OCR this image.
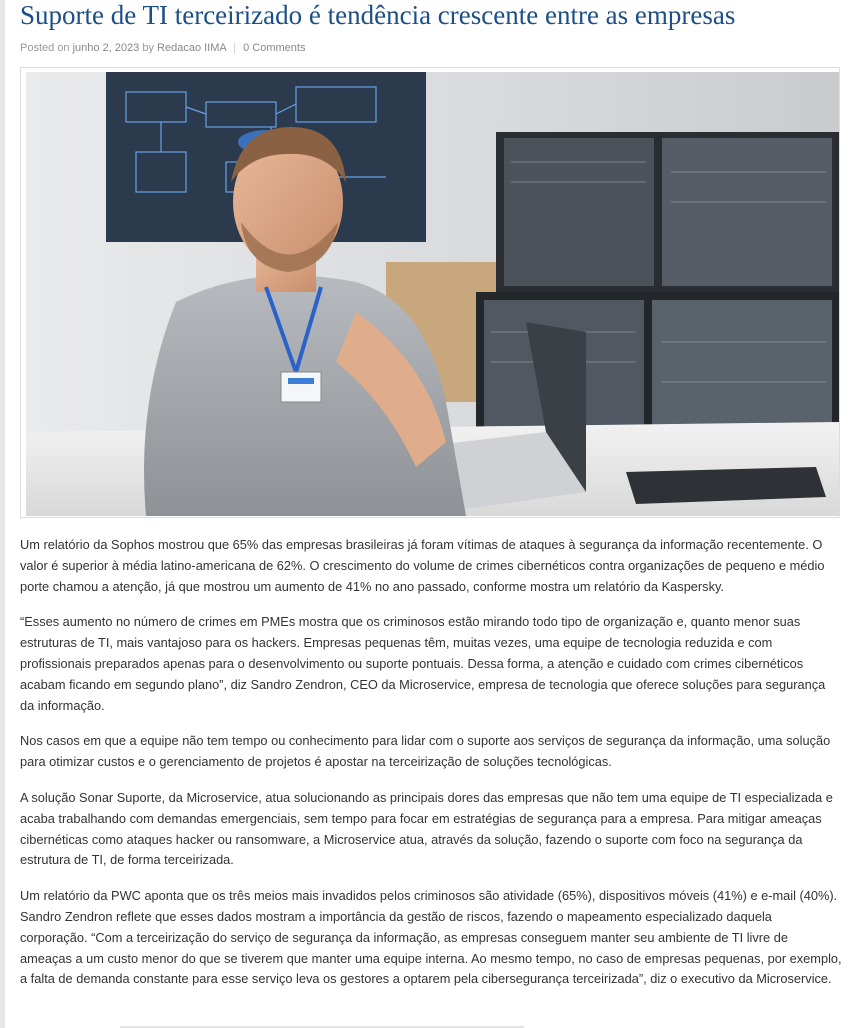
Suporte de TI terceirizado é tendência crescente entre as empresas
Posted on junho 2, 2023 by Redacao IIMA | 0 Comments

Um relatório da Sophos mostrou que 65% das empresas brasileiras já foram vítimas de ataques à segurança da informação recentemente. O valor é superior à média latino-americana de 62%. O crescimento do volume de crimes cibernéticos contra organizações de pequeno e médio porte chamou a atenção, já que mostrou um aumento de 41% no ano passado, conforme mostra um relatório da Kaspersky.

“Esses aumento no número de crimes em PMEs mostra que os criminosos estão mirando todo tipo de organização e, quanto menor suas estruturas de TI, mais vantajoso para os hackers. Empresas pequenas têm, muitas vezes, uma equipe de tecnologia reduzida e com profissionais preparados apenas para o desenvolvimento ou suporte pontuais. Dessa forma, a atenção e cuidado com crimes cibernéticos acabam ficando em segundo plano”, diz Sandro Zendron, CEO da Microservice, empresa de tecnologia que oferece soluções para segurança da informação.

Nos casos em que a equipe não tem tempo ou conhecimento para lidar com o suporte aos serviços de segurança da informação, uma solução para otimizar custos e o gerenciamento de projetos é apostar na terceirização de soluções tecnológicas.

A solução Sonar Suporte, da Microservice, atua solucionando as principais dores das empresas que não tem uma equipe de TI especializada e acaba trabalhando com demandas emergenciais, sem tempo para focar em estratégias de segurança para a empresa. Para mitigar ameaças cibernéticas como ataques hacker ou ransomware, a Microservice atua, através da solução, fazendo o suporte com foco na segurança da estrutura de TI, de forma terceirizada.

Um relatório da PWC aponta que os três meios mais invadidos pelos criminosos são atividade (65%), dispositivos móveis (41%) e e-mail (40%). Sandro Zendron reflete que esses dados mostram a importância da gestão de riscos, fazendo o mapeamento especializado daquela corporação. “Com a terceirização do serviço de segurança da informação, as empresas conseguem manter seu ambiente de TI livre de ameaças a um custo menor do que se tiverem que manter uma equipe interna. Ao mesmo tempo, no caso de empresas pequenas, por exemplo, a falta de demanda constante para esse serviço leva os gestores a optarem pela cibersegurança terceirizada”, diz o executivo da Microservice.
